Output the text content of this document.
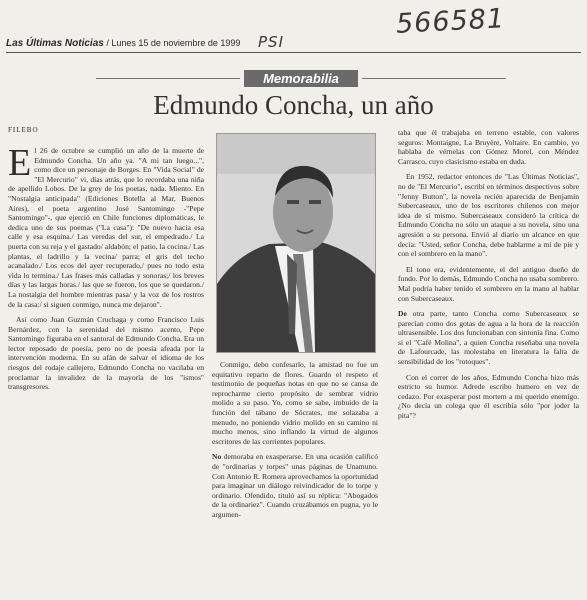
566581
PSI
Las Últimas Noticias / Lunes 15 de noviembre de 1999
Memorabilia
Edmundo Concha, un año
FILEBO

El 26 de octubre se cumplió un año de la muerte de Edmundo Concha. Un año ya. "A mi tan luego...", como dice un personaje de Borges. En "Vida Social" de "El Mercurio" vi, días atrás, que lo recordaba una niña de apellido Lobos. De la grey de los poetas, nada. Miento. En "Nostalgia anticipada" (Ediciones Botella al Mar, Buenos Aires), el poeta argentino José Santomingo -"Pepe Santomingo"-, que ejerció en Chile funciones diplomáticas, le dedica uno de sus poemas ("La casa"): "De nuevo hacia esa calle y esa esquina./ Las veredas del sur, el empedrado./ La puerta con su reja y el gastado/ aldabón; el patio, la cocina./ Las plantas, el ladrillo y la vecina/ parra; el gris del techo acanalado./ Los ecos del ayer recuperado,/ pues no todo esta vida lo termina./ Las frases más calladas y sonoras;/ los breves días y las largas horas./ las que se fueron, los que se quedaron./ La nostalgia del hombre mientras pasa/ y la voz de los rostros de la casa:/ si siguen conmigo, nunca me dejaron".

Así como Juan Guzmán Cruchaga y como Francisco Luis Bernárdez, con la serenidad del mismo acento, Pepe Santomingo figuraba en el santoral de Edmundo Concha. Era un lector reposado de poesía, pero no de poesía afeada por la intervención moderna. En su afán de salvar el idioma de los riesgos del rodaje callejero, Edmundo Concha no vacilaba en proclamar la invalidez de la mayoría de los "ismos" transgresores.

Conmigo, debo confesarlo, la amistad no fue un equitativo reparto de flores. Guardo el respeto el testimonio de pequeñas notas en que no se cansa de reprocharme cierto propósito de sembrar vidrio molido a su paso. Yo, como se sabe, imbuido de la función del tábano de Sócrates, me solazaba a menudo, no poniendo vidrio molido en su camino ni mucho menos, sino inflando la virtud de algunos escritores de las corrientes populares.

No demoraba en exasperarse. En una ocasión calificó de "ordinarias y torpes" unas páginas de Unamuno. Con Antonio R. Romera aprovechamos la oportunidad para imaginar un diálogo reivindicador de lo torpe y ordinario. Ofendido, tituló así su réplica: "Abogados de la ordinariez". Cuando cruzábamos en pugna, yo le argumen-

taba que él trabajaba en terreno estable, con valores seguros: Montaigne, La Bruyère, Voltaire. En cambio, yo hablaba de vérnelas con Gómez Morel, con Méndez Carrasco, cuyo clasicismo estaba en duda.

En 1952, redactor entonces de "Las Últimas Noticias", no de "El Mercurio", escribí en términos despectivos sobre "Jenny Button", la novela recién aparecida de Benjamín Subercaseaux, uno de los escritores chilenos con mejor idea de sí mismo. Subercaseaux consideró la crítica de Edmundo Concha no sólo un ataque a su novela, sino una agresión a su persona. Envió al diario un alcance en que decía: "Usted, señor Concha, debe hablarme a mí de pie y con el sombrero en la mano".

El tono era, evidentemente, el del antiguo dueño de fundo. Por lo demás, Edmundo Concha no usaba sombrero. Mal podría haber tenido el sombrero en la mano al hablar con Subercaseaux.

De otra parte, tanto Concha como Subercaseaux se parecían como dos gotas de agua a la hora de la reacción ultrasensible. Los dos funcionaban con sintonía fina. Como si el "Café Molina", a quien Concha reseñaba una novela de Lafourcade, las molestaba en literatura la falta de sensibilidad de los "rotoques".

Con el correr de los años, Edmundo Concha hizo más estricto su humor. Adrede escribo humero en vez de cedazo. Por exasperar post mortem a mi querido enemigo. ¿No decía un colega que él escribía sólo "por joder la pita"?
